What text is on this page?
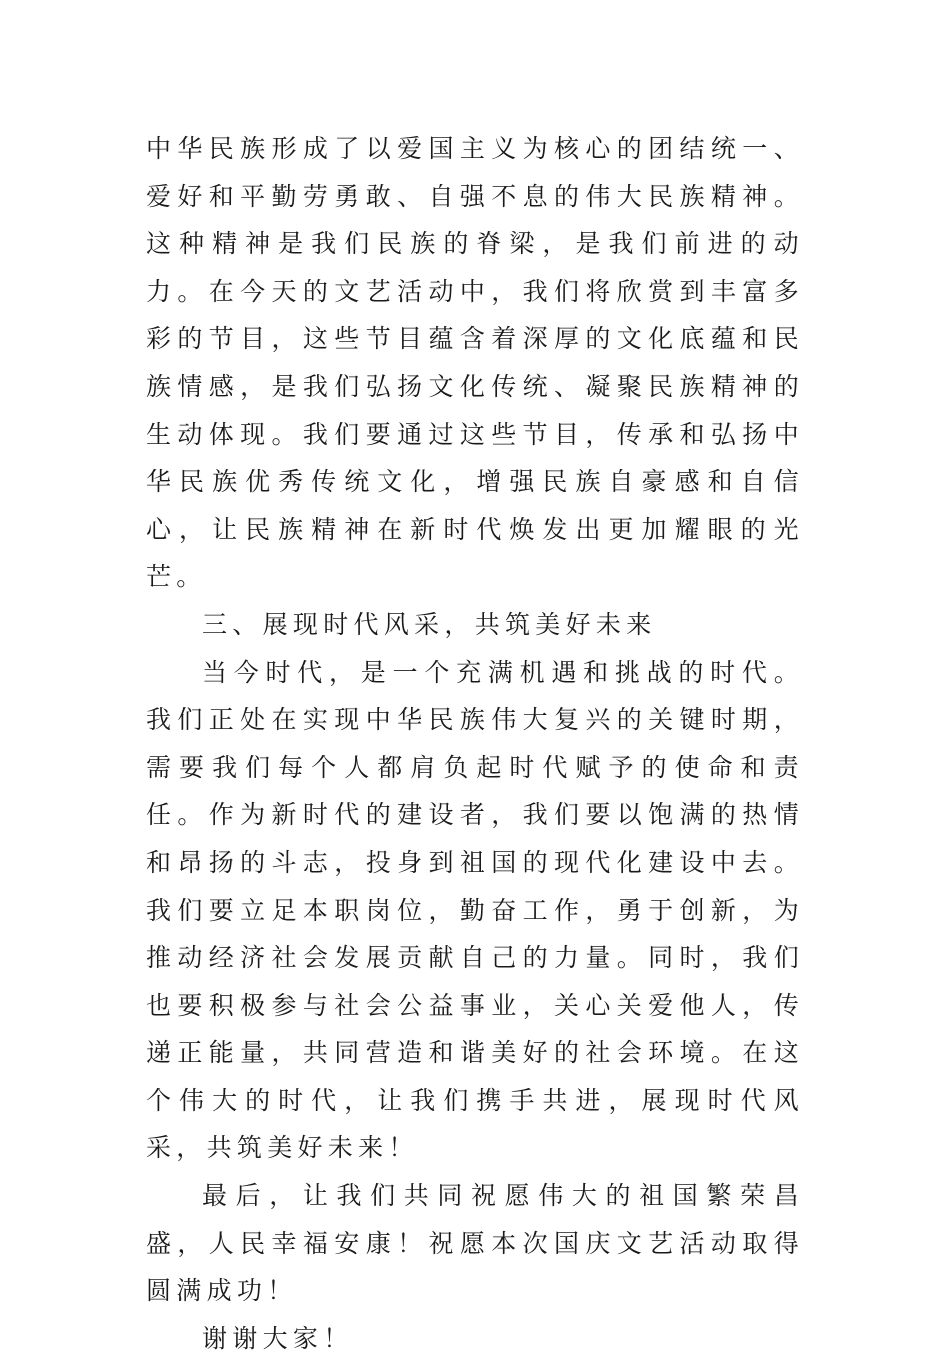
中华民族形成了以爱国主义为核心的团结统一、爱好和平勤劳勇敢、自强不息的伟大民族精神。这种精神是我们民族的脊梁，是我们前进的动力。在今天的文艺活动中，我们将欣赏到丰富多彩的节目，这些节目蕴含着深厚的文化底蕴和民族情感，是我们弘扬文化传统、凝聚民族精神的生动体现。我们要通过这些节目，传承和弘扬中华民族优秀传统文化，增强民族自豪感和自信心，让民族精神在新时代焕发出更加耀眼的光芒。

三、展现时代风采，共筑美好未来

当今时代，是一个充满机遇和挑战的时代。我们正处在实现中华民族伟大复兴的关键时期，需要我们每个人都肩负起时代赋予的使命和责任。作为新时代的建设者，我们要以饱满的热情和昂扬的斗志，投身到祖国的现代化建设中去。我们要立足本职岗位，勤奋工作，勇于创新，为推动经济社会发展贡献自己的力量。同时，我们也要积极参与社会公益事业，关心关爱他人，传递正能量，共同营造和谐美好的社会环境。在这个伟大的时代，让我们携手共进，展现时代风采，共筑美好未来！

最后，让我们共同祝愿伟大的祖国繁荣昌盛，人民幸福安康！祝愿本次国庆文艺活动取得圆满成功！

谢谢大家！
